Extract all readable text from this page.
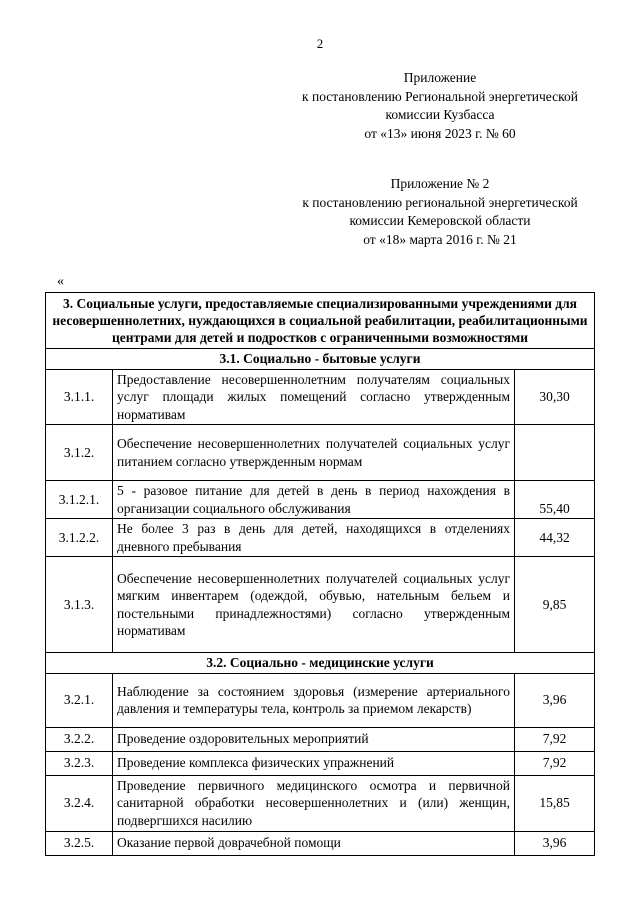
2
Приложение
к постановлению Региональной энергетической
комиссии Кузбасса
от «13» июня 2023 г. № 60
Приложение № 2
к постановлению региональной энергетической
комиссии Кемеровской области
от «18» марта 2016 г. № 21
«
3. Социальные услуги, предоставляемые специализированными учреждениями для несовершеннолетних, нуждающихся в социальной реабилитации, реабилитационными центрами для детей и подростков с ограниченными возможностями		
3.1. Социально - бытовые услуги		
3.1.1.	Предоставление несовершеннолетним получателям социальных услуг площади жилых помещений согласно утвержденным нормативам	30,30
3.1.2.	Обеспечение несовершеннолетних получателей социальных услуг питанием согласно утвержденным нормам	
3.1.2.1.	5 - разовое питание для детей в день в период нахождения в организации социального обслуживания	55,40
3.1.2.2.	Не более 3 раз в день для детей, находящихся в отделениях дневного пребывания	44,32
3.1.3.	Обеспечение несовершеннолетних получателей социальных услуг мягким инвентарем (одеждой, обувью, нательным бельем и постельными принадлежностями) согласно утвержденным нормативам	9,85
3.2. Социально - медицинские услуги		
3.2.1.	Наблюдение за состоянием здоровья (измерение артериального давления и температуры тела, контроль за приемом лекарств)	3,96
3.2.2.	Проведение оздоровительных мероприятий	7,92
3.2.3.	Проведение комплекса физических упражнений	7,92
3.2.4.	Проведение первичного медицинского осмотра и первичной санитарной обработки несовершеннолетних и (или) женщин, подвергшихся насилию	15,85
3.2.5.	Оказание первой доврачебной помощи	3,96
